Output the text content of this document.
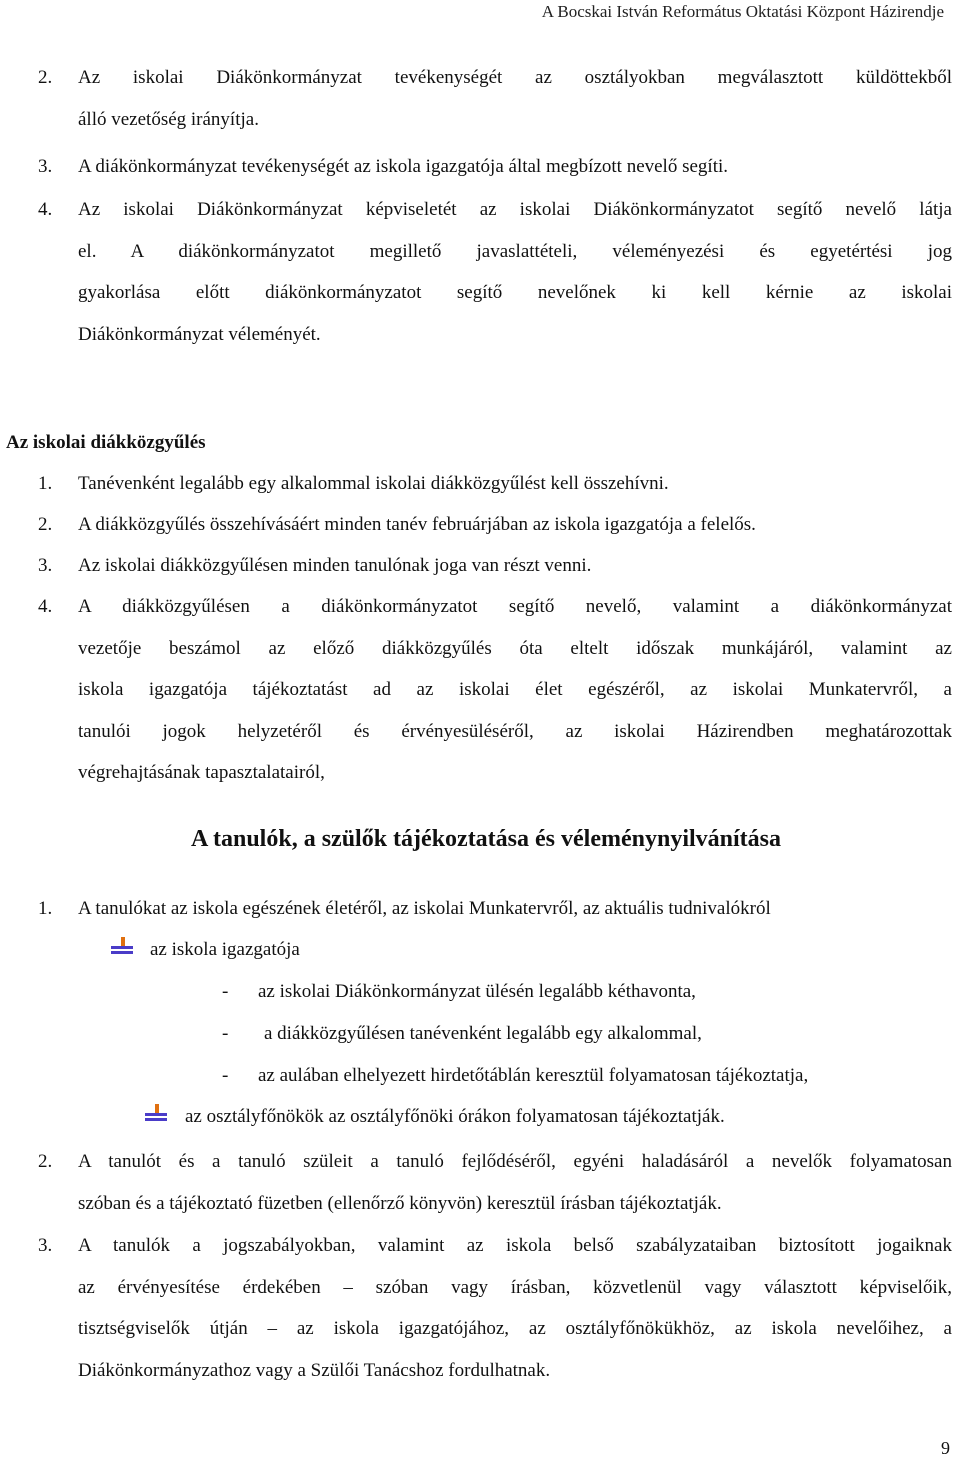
A Bocskai István Református Oktatási Központ Házirendje
2. Az iskolai Diákönkormányzat tevékenységét az osztályokban megválasztott küldöttekből
álló vezetőség irányítja.
3. A diákönkormányzat tevékenységét az iskola igazgatója által megbízott nevelő segíti.
4. Az iskolai Diákönkormányzat képviseletét az iskolai Diákönkormányzatot segítő nevelő látja
el. A diákönkormányzatot megillető javaslattételi, véleményezési és egyetértési jog
gyakorlása előtt diákönkormányzatot segítő nevelőnek ki kell kérnie az iskolai
Diákönkormányzat véleményét.
Az iskolai diákközgyűlés
1. Tanévenként legalább egy alkalommal iskolai diákközgyűlést kell összehívni.
2. A diákközgyűlés összehívásáért minden tanév februárjában az iskola igazgatója a felelős.
3. Az iskolai diákközgyűlésen minden tanulónak joga van részt venni.
4. A diákközgyűlésen a diákönkormányzatot segítő nevelő, valamint a diákönkormányzat
vezetője beszámol az előző diákközgyűlés óta eltelt időszak munkájáról, valamint az
iskola igazgatója tájékoztatást ad az iskolai élet egészéről, az iskolai Munkatervről, a
tanulói jogok helyzetéről és érvényesüléséről, az iskolai Házirendben meghatározottak
végrehajtásának tapasztalatairól,
A tanulók, a szülők tájékoztatása és véleménynyilvánítása
1. A tanulókat az iskola egészének életéről, az iskolai Munkatervről, az aktuális tudnivalókról
az iskola igazgatója
- az iskolai Diákönkormányzat ülésén legalább kéthavonta,
- a diákközgyűlésen tanévenként legalább egy alkalommal,
- az aulában elhelyezett hirdetőtáblán keresztül folyamatosan tájékoztatja,
az osztályfőnökök az osztályfőnöki órákon folyamatosan tájékoztatják.
2. A tanulót és a tanuló szüleit a tanuló fejlődéséről, egyéni haladásáról a nevelők folyamatosan
szóban és a tájékoztató füzetben (ellenőrző könyvön) keresztül írásban tájékoztatják.
3. A tanulók a jogszabályokban, valamint az iskola belső szabályzataiban biztosított jogaiknak
az érvényesítése érdekében – szóban vagy írásban, közvetlenül vagy választott képviselőik,
tisztségviselők útján – az iskola igazgatójához, az osztályfőnökükhöz, az iskola nevelőihez, a
Diákönkormányzathoz vagy a Szülői Tanácshoz fordulhatnak.
9
